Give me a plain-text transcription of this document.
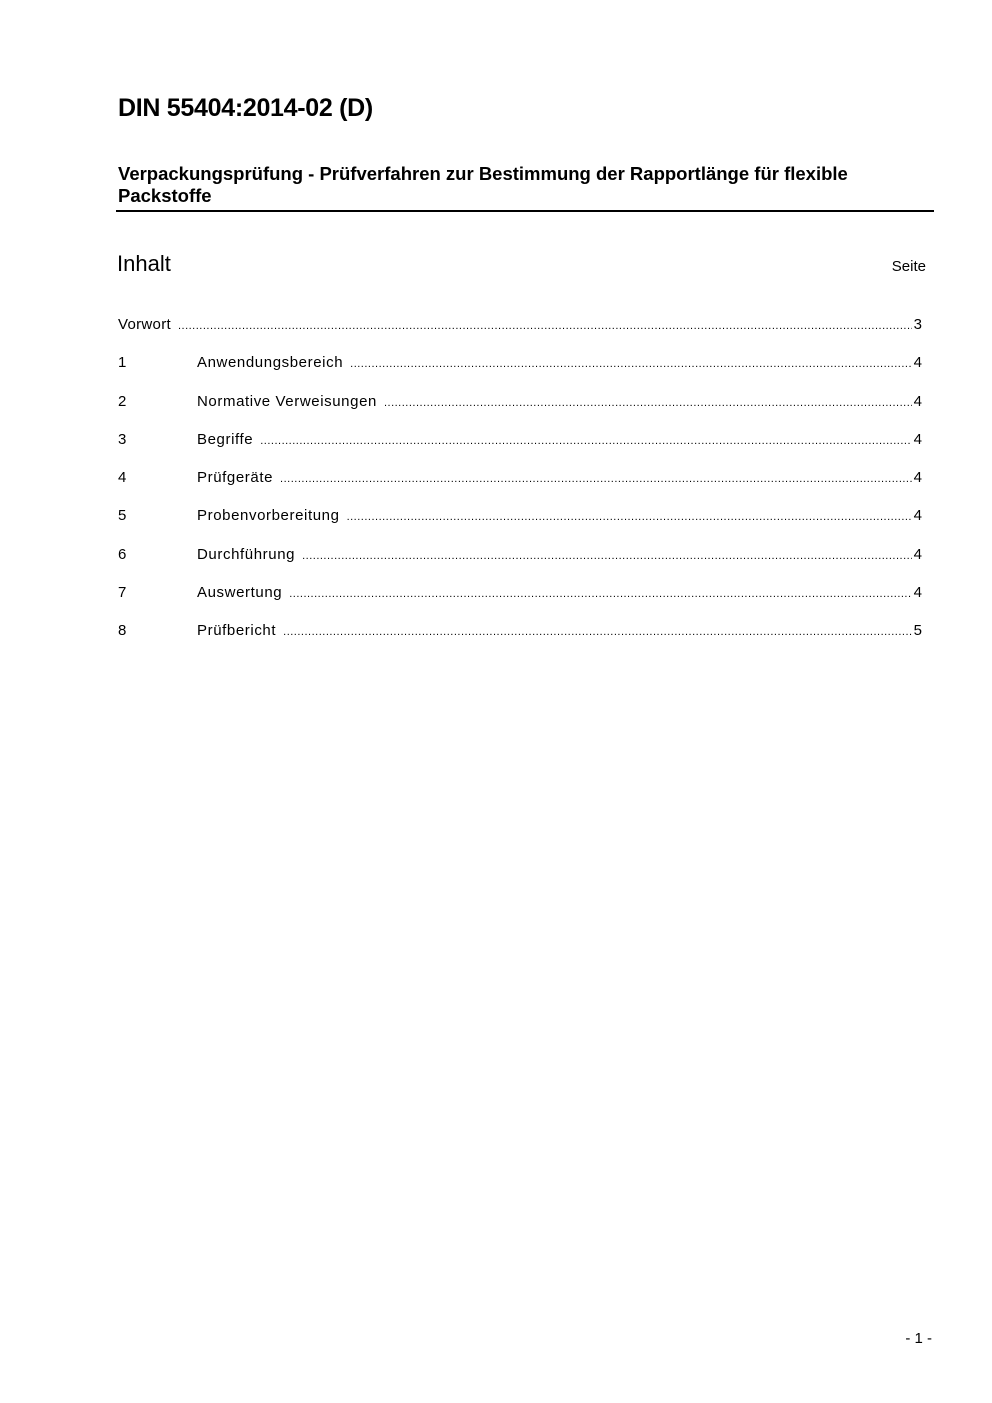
DIN 55404:2014-02 (D)
Verpackungsprüfung - Prüfverfahren zur Bestimmung der Rapportlänge für flexible Packstoffe
Inhalt	Seite
Vorwort .....	3
1	Anwendungsbereich .....	4
2	Normative Verweisungen .....	4
3	Begriffe .....	4
4	Prüfgeräte .....	4
5	Probenvorbereitung .....	4
6	Durchführung .....	4
7	Auswertung .....	4
8	Prüfbericht .....	5
- 1 -
